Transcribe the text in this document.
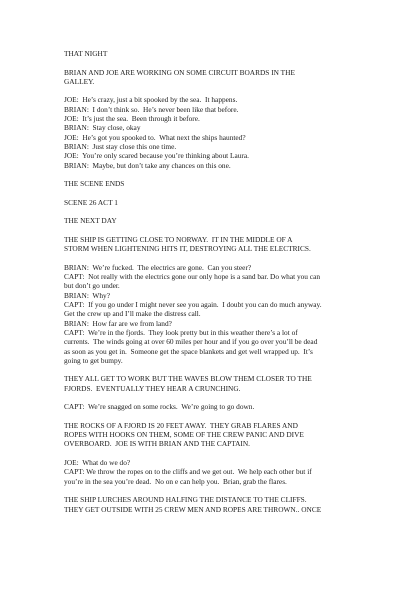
THAT NIGHT
BRIAN AND JOE ARE WORKING ON SOME CIRCUIT BOARDS IN THE
GALLEY.
JOE:  He’s crazy, just a bit spooked by the sea.  It happens.
BRIAN:  I don’t think so.  He’s never been like that before.
JOE:  It’s just the sea.  Been through it before.
BRIAN:  Stay close, okay
JOE:  He’s got you spooked to.  What next the ships haunted?
BRIAN:  Just stay close this one time.
JOE:  You’re only scared because you’re thinking about Laura.
BRIAN:  Maybe, but don’t take any chances on this one.
THE SCENE ENDS
SCENE 26 ACT 1
THE NEXT DAY
THE SHIP IS GETTING CLOSE TO NORWAY.  IT IN THE MIDDLE OF A
STORM WHEN LIGHTENING HITS IT, DESTROYING ALL THE ELECTRICS.
BRIAN:  We’re fucked.  The electrics are gone.  Can you steer?
CAPT:  Not really with the electrics gone our only hope is a sand bar. Do what you can
but don’t go under.
BRIAN:  Why?
CAPT:  If you go under I might never see you again.  I doubt you can do much anyway.
Get the crew up and I’ll make the distress call.
BRIAN:  How far are we from land?
CAPT:  We’re in the fjords.  They look pretty but in this weather there’s a lot of
currents.  The winds going at over 60 miles per hour and if you go over you’ll be dead
as soon as you get in.  Someone get the space blankets and get well wrapped up.  It’s
going to get bumpy.
THEY ALL GET TO WORK BUT THE WAVES BLOW THEM CLOSER TO THE
FJORDS.  EVENTUALLY THEY HEAR A CRUNCHING.
CAPT:  We’re snagged on some rocks.  We’re going to go down.
THE ROCKS OF A FJORD IS 20 FEET AWAY.  THEY GRAB FLARES AND
ROPES WITH HOOKS ON THEM, SOME OF THE CREW PANIC AND DIVE
OVERBOARD.  JOE IS WITH BRIAN AND THE CAPTAIN.
JOE:  What do we do?
CAPT: We throw the ropes on to the cliffs and we get out.  We help each other but if
you’re in the sea you’re dead.  No on e can help you.  Brian, grab the flares.
THE SHIP LURCHES AROUND HALFING THE DISTANCE TO THE CLIFFS.
THEY GET OUTSIDE WITH 25 CREW MEN AND ROPES ARE THROWN.. ONCE
